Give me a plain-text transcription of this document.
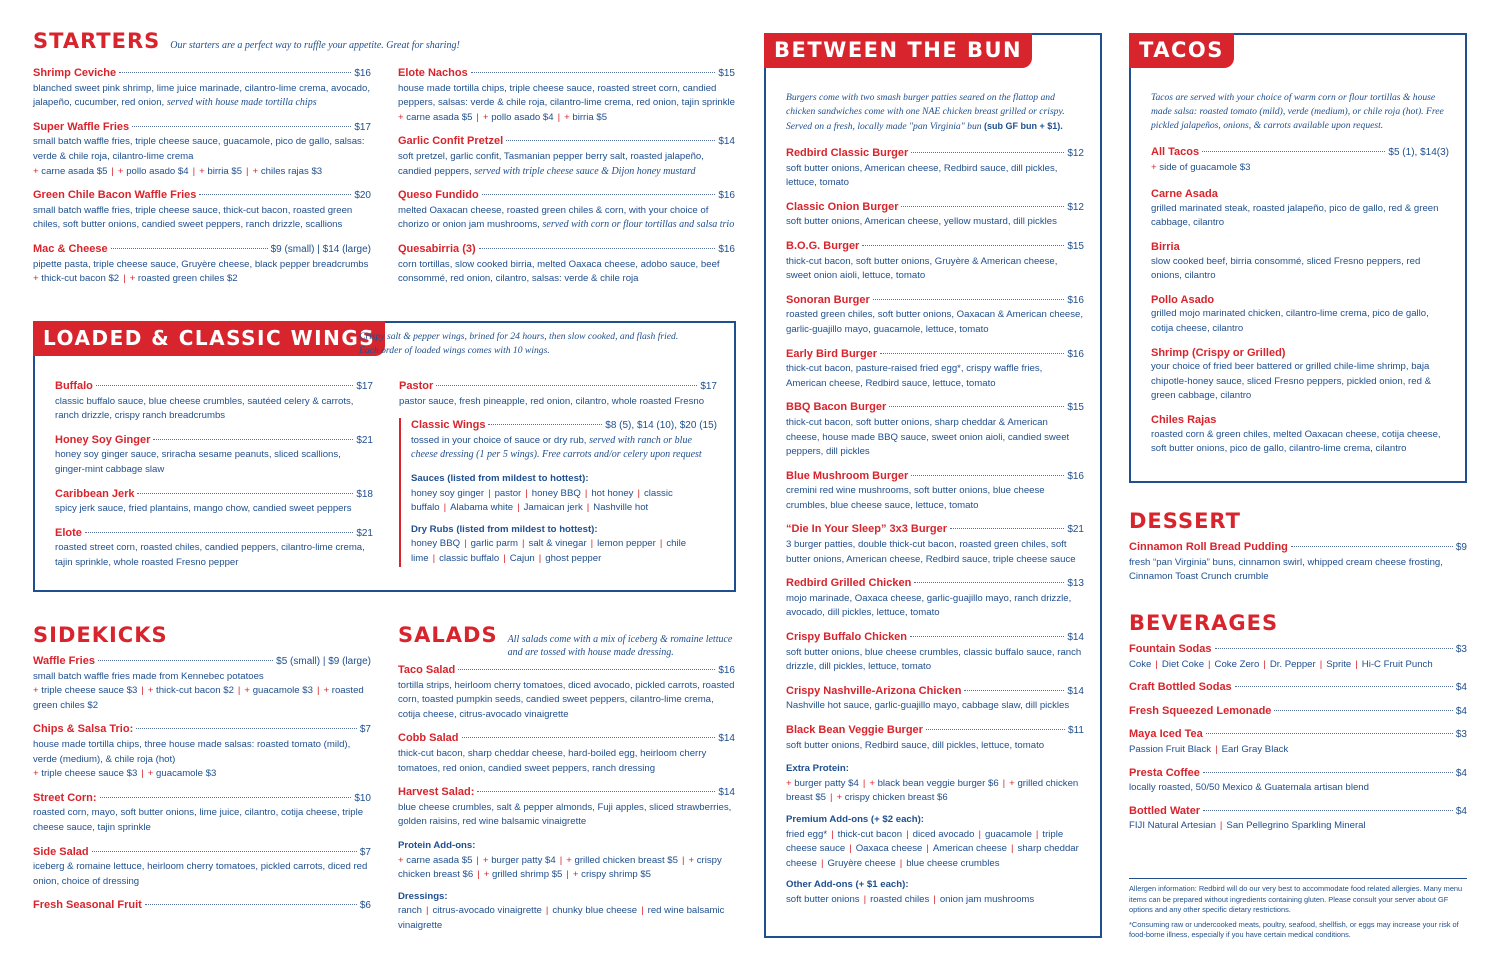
STARTERS Our starters are a perfect way to ruffle your appetite. Great for sharing!
Shrimp Ceviche	$16
blanched sweet pink shrimp, lime juice marinade, cilantro-lime crema, avocado, jalapeño, cucumber, red onion, served with house made tortilla chips
Super Waffle Fries	$17
small batch waffle fries, triple cheese sauce, guacamole, pico de gallo, salsas: verde & chile roja, cilantro-lime crema
+ carne asada $5 | + pollo asado $4 | + birria $5 | + chiles rajas $3
Green Chile Bacon Waffle Fries	$20
small batch waffle fries, triple cheese sauce, thick-cut bacon, roasted green chiles, soft butter onions, candied sweet peppers, ranch drizzle, scallions
Mac & Cheese	$9 (small) | $14 (large)
pipette pasta, triple cheese sauce, Gruyère cheese, black pepper breadcrumbs
+ thick-cut bacon $2 | + roasted green chiles $2
Elote Nachos	$15
house made tortilla chips, triple cheese sauce, roasted street corn, candied peppers, salsas: verde & chile roja, cilantro-lime crema, red onion, tajin sprinkle
+ carne asada $5 | + pollo asado $4 | + birria $5
Garlic Confit Pretzel	$14
soft pretzel, garlic confit, Tasmanian pepper berry salt, roasted jalapeño, candied peppers, served with triple cheese sauce & Dijon honey mustard
Queso Fundido	$16
melted Oaxacan cheese, roasted green chiles & corn, with your choice of chorizo or onion jam mushrooms, served with corn or flour tortillas and salsa trio
Quesabirria (3)	$16
corn tortillas, slow cooked birria, melted Oaxaca cheese, adobo sauce, beef consommé, red onion, cilantro, salsas: verde & chile roja
LOADED & CLASSIC WINGS
Crispy salt & pepper wings, brined for 24 hours, then slow cooked, and flash fried.
Each order of loaded wings comes with 10 wings.
Buffalo	$17
classic buffalo sauce, blue cheese crumbles, sautéed celery & carrots, ranch drizzle, crispy ranch breadcrumbs
Honey Soy Ginger	$21
honey soy ginger sauce, sriracha sesame peanuts, sliced scallions, ginger-mint cabbage slaw
Caribbean Jerk	$18
spicy jerk sauce, fried plantains, mango chow, candied sweet peppers
Elote	$21
roasted street corn, roasted chiles, candied peppers, cilantro-lime crema, tajin sprinkle, whole roasted Fresno pepper
Pastor	$17
pastor sauce, fresh pineapple, red onion, cilantro, whole roasted Fresno
Classic Wings	$8 (5), $14 (10), $20 (15)
tossed in your choice of sauce or dry rub, served with ranch or blue cheese dressing (1 per 5 wings). Free carrots and/or celery upon request
Sauces (listed from mildest to hottest):
honey soy ginger | pastor | honey BBQ | hot honey | classic buffalo | Alabama white | Jamaican jerk | Nashville hot
Dry Rubs (listed from mildest to hottest):
honey BBQ | garlic parm | salt & vinegar | lemon pepper | chile lime | classic buffalo | Cajun | ghost pepper
SIDEKICKS
Waffle Fries	$5 (small) | $9 (large)
small batch waffle fries made from Kennebec potatoes
+ triple cheese sauce $3 | + thick-cut bacon $2 | + guacamole $3 | + roasted green chiles $2
Chips & Salsa Trio:	$7
house made tortilla chips, three house made salsas: roasted tomato (mild), verde (medium), & chile roja (hot)
+ triple cheese sauce $3 | + guacamole $3
Street Corn:	$10
roasted corn, mayo, soft butter onions, lime juice, cilantro, cotija cheese, triple cheese sauce, tajin sprinkle
Side Salad	$7
iceberg & romaine lettuce, heirloom cherry tomatoes, pickled carrots, diced red onion, choice of dressing
Fresh Seasonal Fruit	$6
SALADS All salads come with a mix of iceberg & romaine lettuce
and are tossed with house made dressing.
Taco Salad	$16
tortilla strips, heirloom cherry tomatoes, diced avocado, pickled carrots, roasted corn, toasted pumpkin seeds, candied sweet peppers, cilantro-lime crema, cotija cheese, citrus-avocado vinaigrette
Cobb Salad	$14
thick-cut bacon, sharp cheddar cheese, hard-boiled egg, heirloom cherry tomatoes, red onion, candied sweet peppers, ranch dressing
Harvest Salad:	$14
blue cheese crumbles, salt & pepper almonds, Fuji apples, sliced strawberries, golden raisins, red wine balsamic vinaigrette
Protein Add-ons:
+ carne asada $5 | + burger patty $4 | + grilled chicken breast $5 | + crispy chicken breast $6 | + grilled shrimp $5 | + crispy shrimp $5
Dressings:
ranch | citrus-avocado vinaigrette | chunky blue cheese | red wine balsamic vinaigrette
BETWEEN THE BUN
Burgers come with two smash burger patties seared on the flattop and chicken sandwiches come with one NAE chicken breast grilled or crispy. Served on a fresh, locally made "pan Virginia" bun (sub GF bun + $1).
Redbird Classic Burger	$12
soft butter onions, American cheese, Redbird sauce, dill pickles, lettuce, tomato
Classic Onion Burger	$12
soft butter onions, American cheese, yellow mustard, dill pickles
B.O.G. Burger	$15
thick-cut bacon, soft butter onions, Gruyère & American cheese, sweet onion aioli, lettuce, tomato
Sonoran Burger	$16
roasted green chiles, soft butter onions, Oaxacan & American cheese, garlic-guajillo mayo, guacamole, lettuce, tomato
Early Bird Burger	$16
thick-cut bacon, pasture-raised fried egg*, crispy waffle fries, American cheese, Redbird sauce, lettuce, tomato
BBQ Bacon Burger	$15
thick-cut bacon, soft butter onions, sharp cheddar & American cheese, house made BBQ sauce, sweet onion aioli, candied sweet peppers, dill pickles
Blue Mushroom Burger	$16
cremini red wine mushrooms, soft butter onions, blue cheese crumbles, blue cheese sauce, lettuce, tomato
“Die In Your Sleep” 3x3 Burger	$21
3 burger patties, double thick-cut bacon, roasted green chiles, soft butter onions, American cheese, Redbird sauce, triple cheese sauce
Redbird Grilled Chicken	$13
mojo marinade, Oaxaca cheese, garlic-guajillo mayo, ranch drizzle, avocado, dill pickles, lettuce, tomato
Crispy Buffalo Chicken	$14
soft butter onions, blue cheese crumbles, classic buffalo sauce, ranch drizzle, dill pickles, lettuce, tomato
Crispy Nashville-Arizona Chicken	$14
Nashville hot sauce, garlic-guajillo mayo, cabbage slaw, dill pickles
Black Bean Veggie Burger	$11
soft butter onions, Redbird sauce, dill pickles, lettuce, tomato
Extra Protein:
+ burger patty $4 | + black bean veggie burger $6 | + grilled chicken breast $5 | + crispy chicken breast $6
Premium Add-ons (+ $2 each):
fried egg* | thick-cut bacon | diced avocado | guacamole | triple cheese sauce | Oaxaca cheese | American cheese | sharp cheddar cheese | Gruyère cheese | blue cheese crumbles
Other Add-ons (+ $1 each):
soft butter onions | roasted chiles | onion jam mushrooms
TACOS
Tacos are served with your choice of warm corn or flour tortillas & house made salsa: roasted tomato (mild), verde (medium), or chile roja (hot). Free pickled jalapeños, onions, & carrots available upon request.
All Tacos	$5 (1), $14(3)
+ side of guacamole $3
Carne Asada
grilled marinated steak, roasted jalapeño, pico de gallo, red & green cabbage, cilantro
Birria
slow cooked beef, birria consommé, sliced Fresno peppers, red onions, cilantro
Pollo Asado
grilled mojo marinated chicken, cilantro-lime crema, pico de gallo, cotija cheese, cilantro
Shrimp (Crispy or Grilled)
your choice of fried beer battered or grilled chile-lime shrimp, baja chipotle-honey sauce, sliced Fresno peppers, pickled onion, red & green cabbage, cilantro
Chiles Rajas
roasted corn & green chiles, melted Oaxacan cheese, cotija cheese, soft butter onions, pico de gallo, cilantro-lime crema, cilantro
DESSERT
Cinnamon Roll Bread Pudding	$9
fresh “pan Virginia” buns, cinnamon swirl, whipped cream cheese frosting, Cinnamon Toast Crunch crumble
BEVERAGES
Fountain Sodas	$3
Coke | Diet Coke | Coke Zero | Dr. Pepper | Sprite | Hi-C Fruit Punch
Craft Bottled Sodas	$4
Fresh Squeezed Lemonade	$4
Maya Iced Tea	$3
Passion Fruit Black | Earl Gray Black
Presta Coffee	$4
locally roasted, 50/50 Mexico & Guatemala artisan blend
Bottled Water	$4
FIJI Natural Artesian | San Pellegrino Sparkling Mineral
Allergen information: Redbird will do our very best to accommodate food related allergies. Many menu items can be prepared without ingredients containing gluten. Please consult your server about GF options and any other specific dietary restrictions.
*Consuming raw or undercooked meats, poultry, seafood, shellfish, or eggs may increase your risk of food-borne illness, especially if you have certain medical conditions.
